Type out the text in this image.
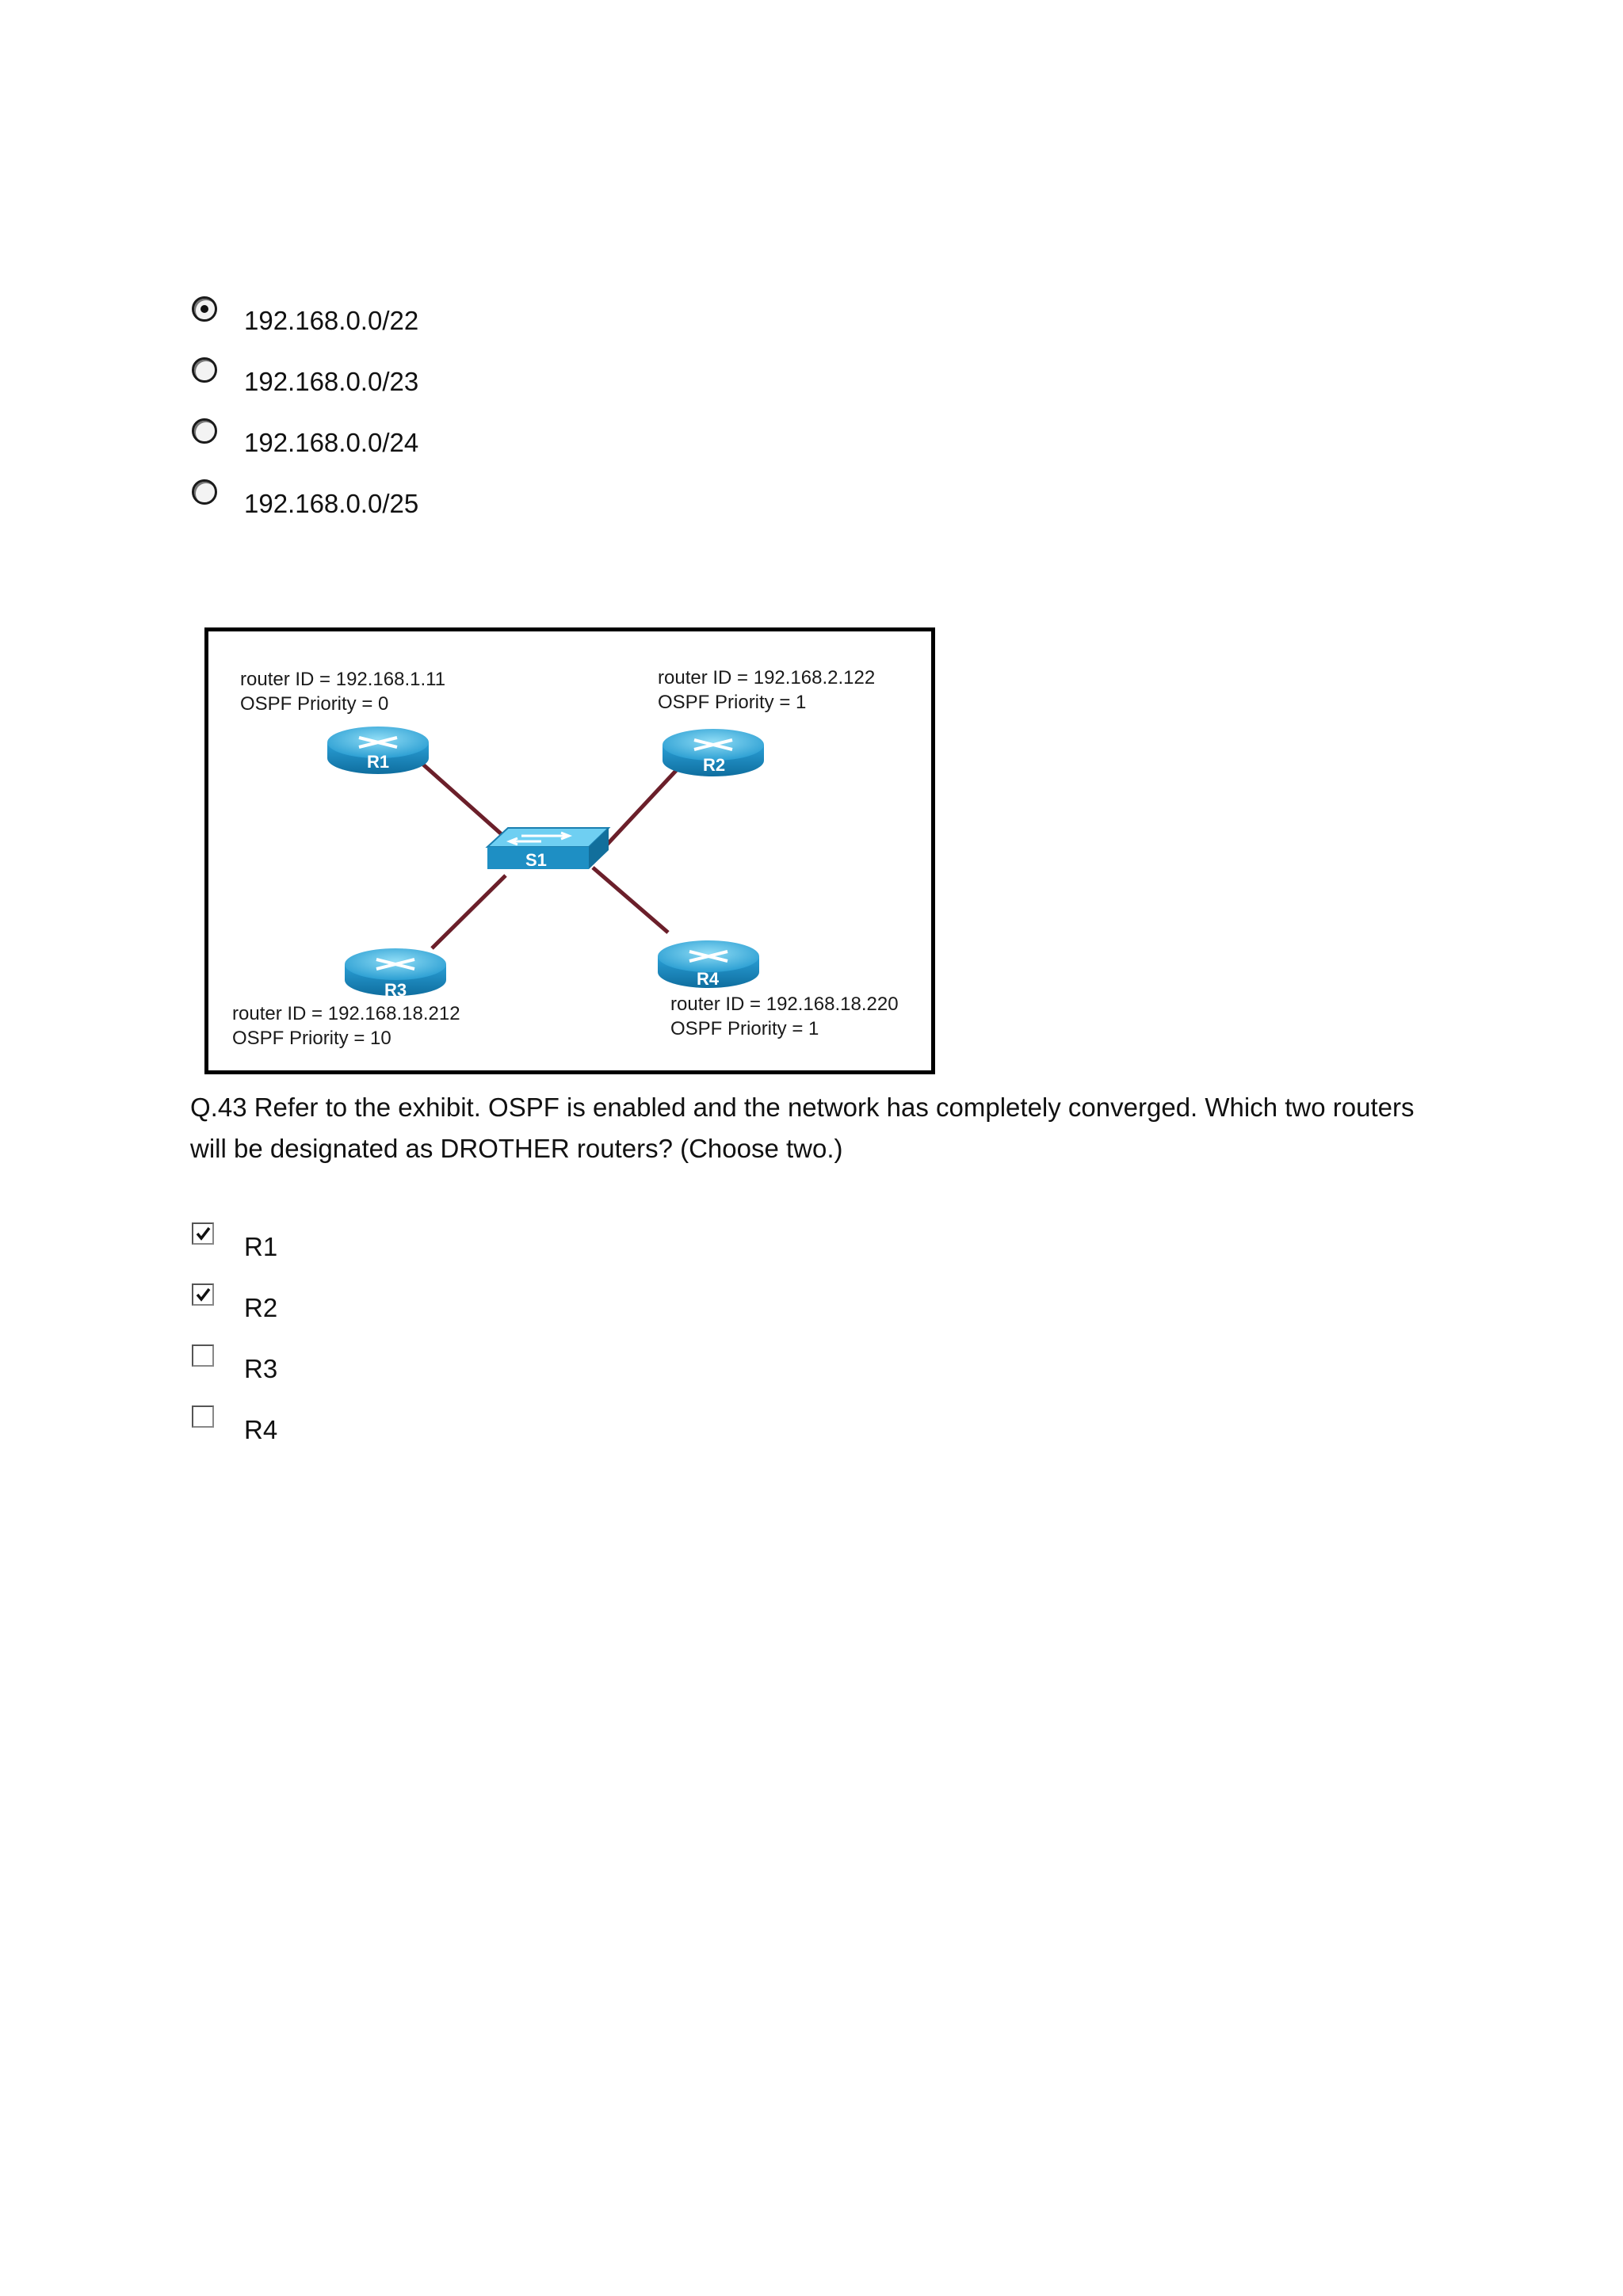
192.168.0.0/22
192.168.0.0/23
192.168.0.0/24
192.168.0.0/25
R1	R2
R3
R4
S1
router ID = 192.168.1.11
OSPF Priority = 0
router ID = 192.168.2.122
OSPF Priority = 1
router ID = 192.168.18.212
OSPF Priority = 10
router ID = 192.168.18.220
OSPF Priority = 1
Q.43 Refer to the exhibit. OSPF is enabled and the network has completely converged. Which two routers will be designated as DROTHER routers? (Choose two.)
R1
R2
R3
R4
